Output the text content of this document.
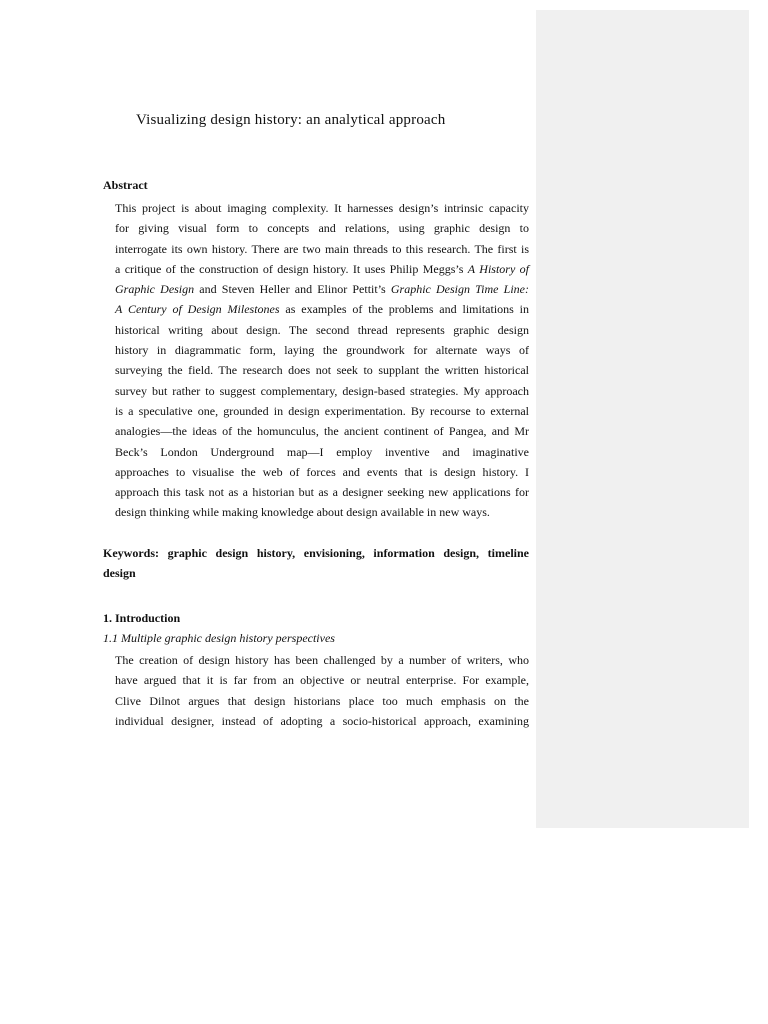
Visualizing design history: an analytical approach
Abstract
This project is about imaging complexity. It harnesses design’s intrinsic capacity
for giving visual form to concepts and relations, using graphic design to
interrogate its own history. There are two main threads to this research. The first is
a critique of the construction of design history. It uses Philip Meggs’s A History of
Graphic Design and Steven Heller and Elinor Pettit’s Graphic Design Time Line:
A Century of Design Milestones as examples of the problems and limitations in
historical writing about design. The second thread represents graphic design
history in diagrammatic form, laying the groundwork for alternate ways of
surveying the field. The research does not seek to supplant the written historical
survey but rather to suggest complementary, design-based strategies. My approach
is a speculative one, grounded in design experimentation. By recourse to external
analogies—the ideas of the homunculus, the ancient continent of Pangea, and Mr
Beck’s London Underground map—I employ inventive and imaginative
approaches to visualise the web of forces and events that is design history. I
approach this task not as a historian but as a designer seeking new applications for
design thinking while making knowledge about design available in new ways.
Keywords: graphic design history, envisioning, information design, timeline
design
1. Introduction
1.1 Multiple graphic design history perspectives
The creation of design history has been challenged by a number of writers, who
have argued that it is far from an objective or neutral enterprise. For example,
Clive Dilnot argues that design historians place too much emphasis on the
individual designer, instead of adopting a socio-historical approach, examining
